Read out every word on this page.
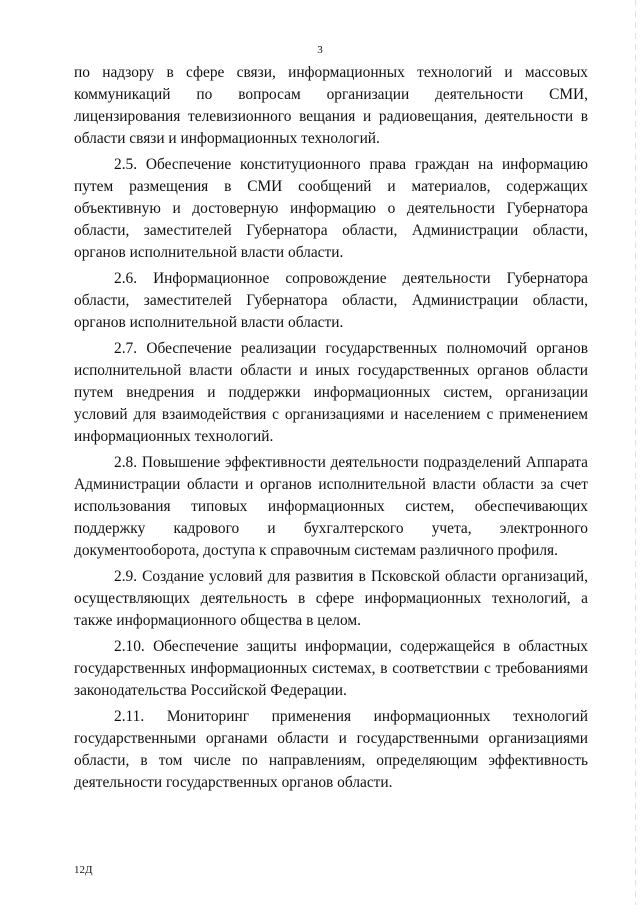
3

по надзору в сфере связи, информационных технологий и массовых коммуникаций по вопросам организации деятельности СМИ, лицензирования телевизионного вещания и радиовещания, деятельности в области связи и информационных технологий.

2.5. Обеспечение конституционного права граждан на информацию путем размещения в СМИ сообщений и материалов, содержащих объективную и достоверную информацию о деятельности Губернатора области, заместителей Губернатора области, Администрации области, органов исполнительной власти области.

2.6. Информационное сопровождение деятельности Губернатора области, заместителей Губернатора области, Администрации области, органов исполнительной власти области.

2.7. Обеспечение реализации государственных полномочий органов исполнительной власти области и иных государственных органов области путем внедрения и поддержки информационных систем, организации условий для взаимодействия с организациями и населением с применением информационных технологий.

2.8. Повышение эффективности деятельности подразделений Аппарата Администрации области и органов исполнительной власти области за счет использования типовых информационных систем, обеспечивающих поддержку кадрового и бухгалтерского учета, электронного документооборота, доступа к справочным системам различного профиля.

2.9. Создание условий для развития в Псковской области организаций, осуществляющих деятельность в сфере информационных технологий, а также информационного общества в целом.

2.10. Обеспечение защиты информации, содержащейся в областных государственных информационных системах, в соответствии с требованиями законодательства Российской Федерации.

2.11. Мониторинг применения информационных технологий государственными органами области и государственными организациями области, в том числе по направлениям, определяющим эффективность деятельности государственных органов области.

12Д
